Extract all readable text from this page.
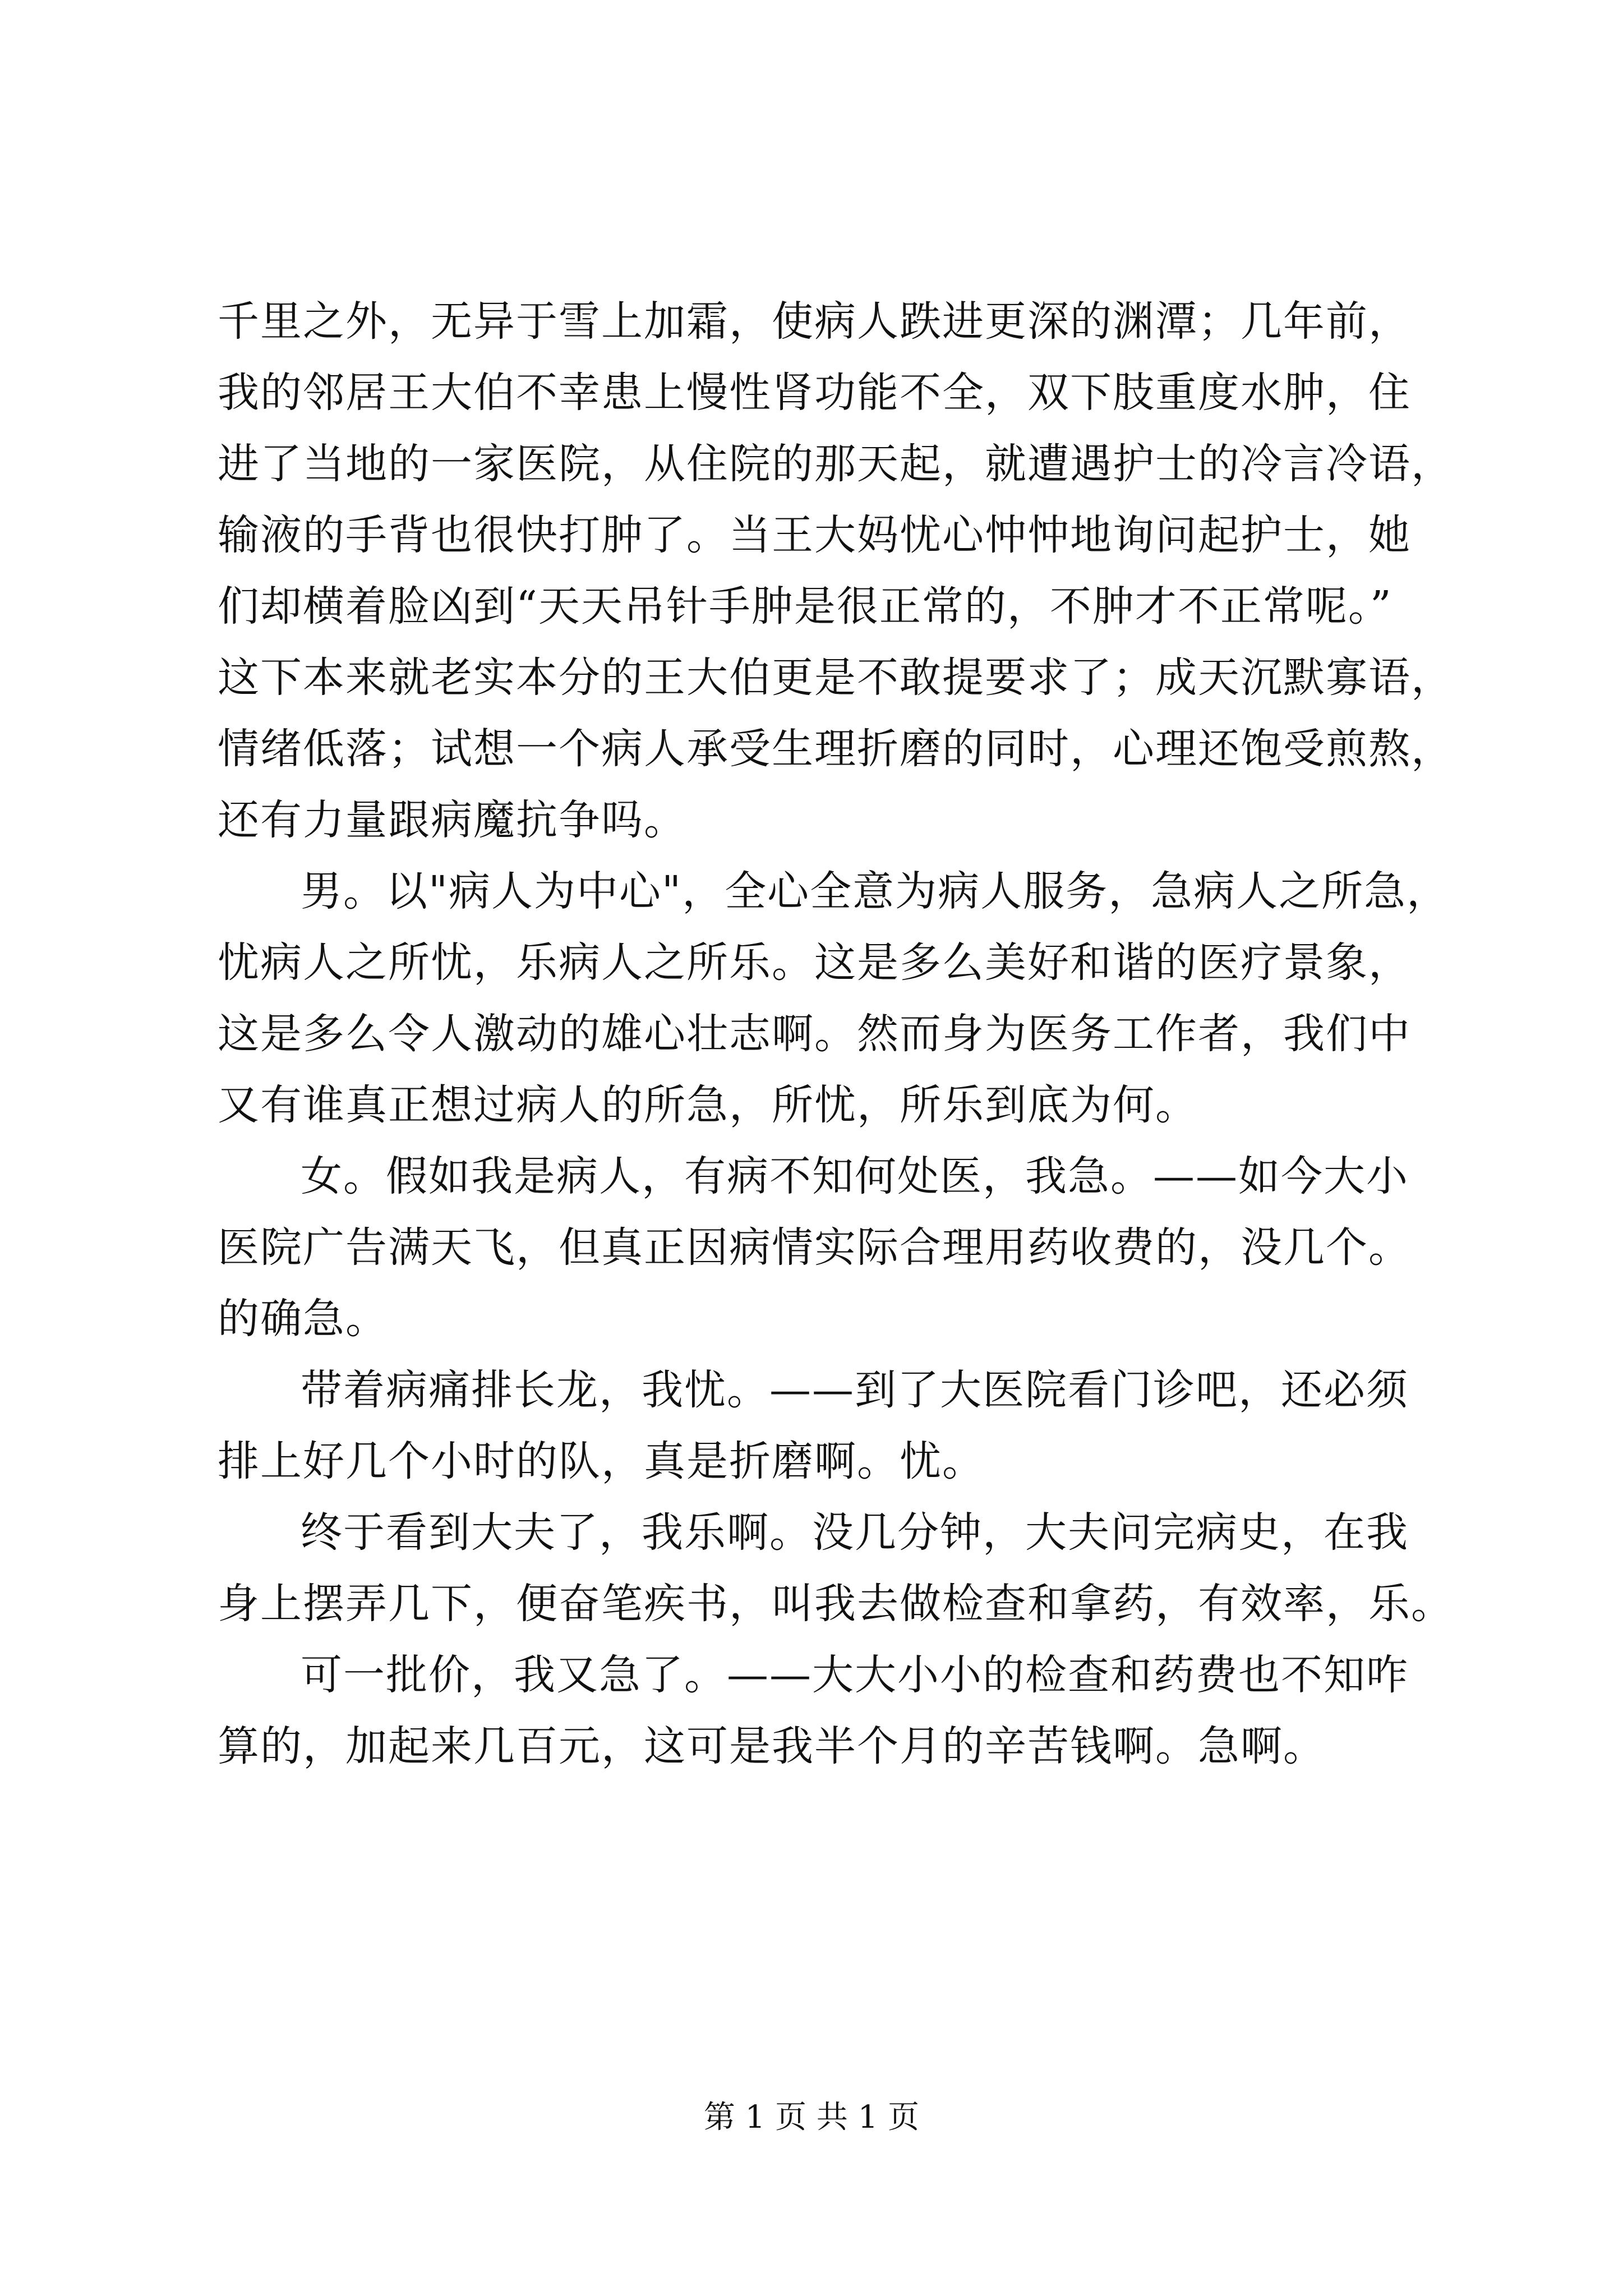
千里之外，无异于雪上加霜，使病人跌进更深的渊潭；几年前，
我的邻居王大伯不幸患上慢性肾功能不全，双下肢重度水肿，住
进了当地的一家医院，从住院的那天起，就遭遇护士的冷言冷语，
输液的手背也很快打肿了。当王大妈忧心忡忡地询问起护士，她
们却横着脸凶到“天天吊针手肿是很正常的，不肿才不正常呢。”
这下本来就老实本分的王大伯更是不敢提要求了；成天沉默寡语，
情绪低落；试想一个病人承受生理折磨的同时，心理还饱受煎熬，
还有力量跟病魔抗争吗。
男。以"病人为中心"，全心全意为病人服务，急病人之所急，
忧病人之所忧，乐病人之所乐。这是多么美好和谐的医疗景象，
这是多么令人激动的雄心壮志啊。然而身为医务工作者，我们中
又有谁真正想过病人的所急，所忧，所乐到底为何。
女。假如我是病人，有病不知何处医，我急。——如今大小
医院广告满天飞，但真正因病情实际合理用药收费的，没几个。
的确急。
带着病痛排长龙，我忧。——到了大医院看门诊吧，还必须
排上好几个小时的队，真是折磨啊。忧。
终于看到大夫了，我乐啊。没几分钟，大夫问完病史，在我
身上摆弄几下，便奋笔疾书，叫我去做检查和拿药，有效率，乐。
可一批价，我又急了。——大大小小的检查和药费也不知咋
算的，加起来几百元，这可是我半个月的辛苦钱啊。急啊。
第 1 页 共 1 页
